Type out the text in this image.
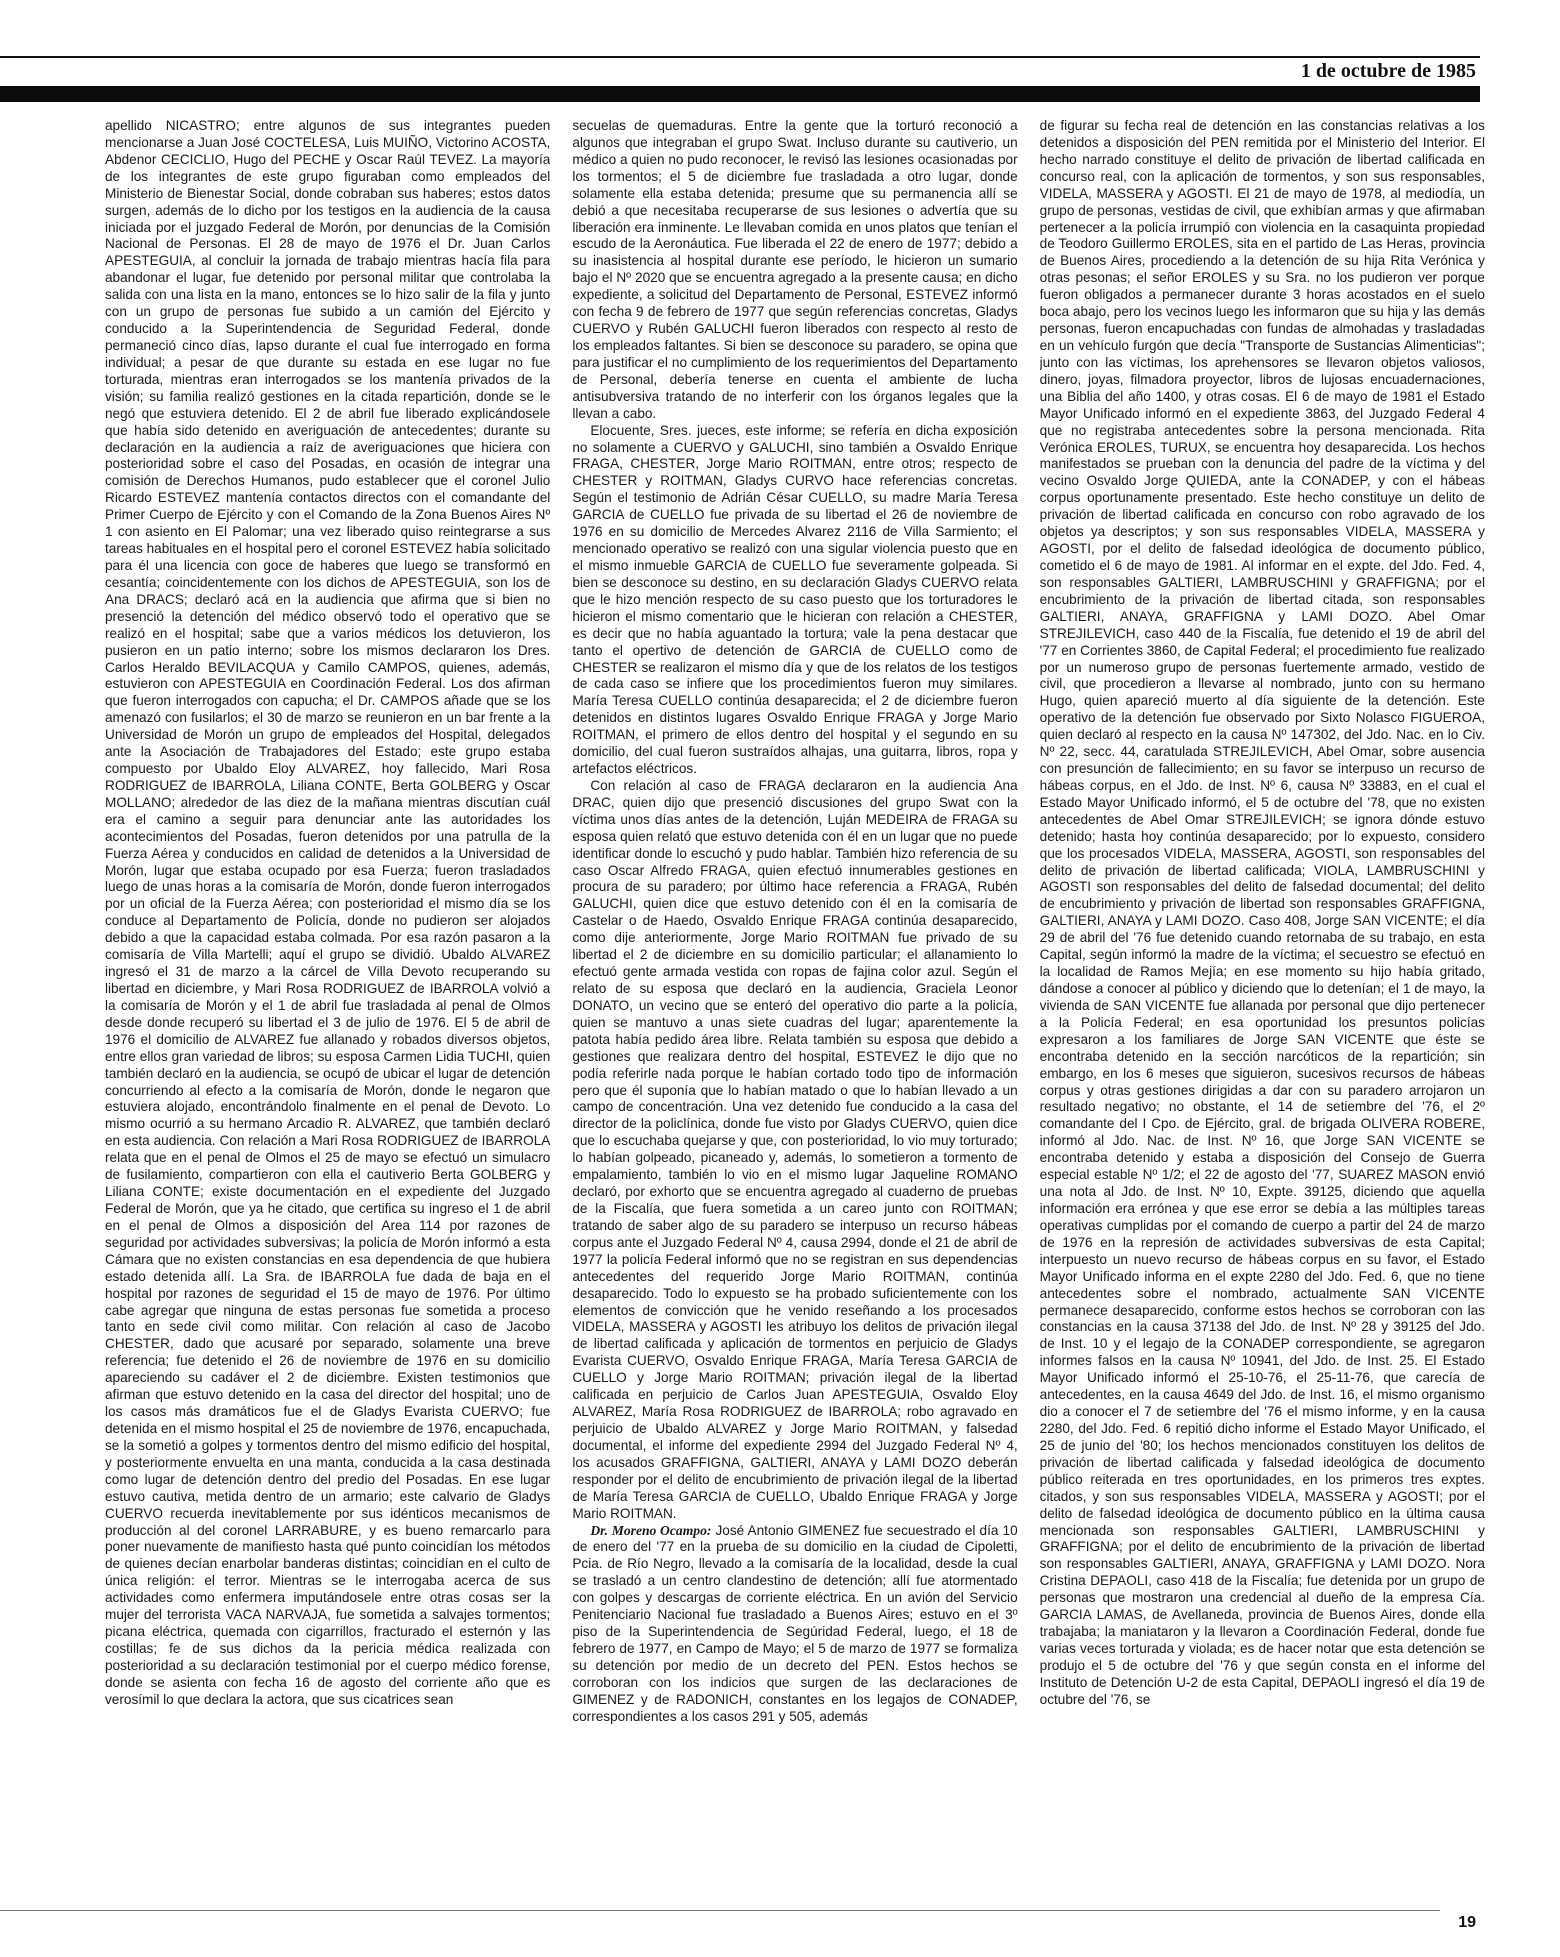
1 de octubre de 1985

apellido NICASTRO; entre algunos de sus integrantes pueden mencionarse a Juan José COCTELESA, Luis MUIÑO, Victorino ACOSTA, Abdenor CECICLIO, Hugo del PECHE y Oscar Raúl TEVEZ. La mayoría de los integrantes de este grupo figuraban como empleados del Ministerio de Bienestar Social, donde cobraban sus haberes; estos datos surgen, además de lo dicho por los testigos en la audiencia de la causa iniciada por el juzgado Federal de Morón, por denuncias de la Comisión Nacional de Personas. El 28 de mayo de 1976 el Dr. Juan Carlos APESTEGUIA, al concluir la jornada de trabajo mientras hacía fila para abandonar el lugar, fue detenido por personal militar que controlaba la salida con una lista en la mano, entonces se lo hizo salir de la fila y junto con un grupo de personas fue subido a un camión del Ejército y conducido a la Superintendencia de Seguridad Federal, donde permaneció cinco días, lapso durante el cual fue interrogado en forma individual; a pesar de que durante su estada en ese lugar no fue torturada, mientras eran interrogados se los mantenía privados de la visión; su familia realizó gestiones en la citada repartición, donde se le negó que estuviera detenido. El 2 de abril fue liberado explicándosele que había sido detenido en averiguación de antecedentes; durante su declaración en la audiencia a raíz de averiguaciones que hiciera con posterioridad sobre el caso del Posadas, en ocasión de integrar una comisión de Derechos Humanos, pudo establecer que el coronel Julio Ricardo ESTEVEZ mantenía contactos directos con el comandante del Primer Cuerpo de Ejército y con el Comando de la Zona Buenos Aires Nº 1 con asiento en El Palomar; una vez liberado quiso reintegrarse a sus tareas habituales en el hospital pero el coronel ESTEVEZ había solicitado para él una licencia con goce de haberes que luego se transformó en cesantía; coincidentemente con los dichos de APESTEGUIA, son los de Ana DRACS; declaró acá en la audiencia que afirma que si bien no presenció la detención del médico observó todo el operativo que se realizó en el hospital; sabe que a varios médicos los detuvieron, los pusieron en un patio interno; sobre los mismos declararon los Dres. Carlos Heraldo BEVILACQUA y Camilo CAMPOS, quienes, además, estuvieron con APESTEGUIA en Coordinación Federal. Los dos afirman que fueron interrogados con capucha; el Dr. CAMPOS añade que se los amenazó con fusilarlos; el 30 de marzo se reunieron en un bar frente a la Universidad de Morón un grupo de empleados del Hospital, delegados ante la Asociación de Trabajadores del Estado; este grupo estaba compuesto por Ubaldo Eloy ALVAREZ, hoy fallecido, Mari Rosa RODRIGUEZ de IBARROLA, Liliana CONTE, Berta GOLBERG y Oscar MOLLANO; alrededor de las diez de la mañana mientras discutían cuál era el camino a seguir para denunciar ante las autoridades los acontecimientos del Posadas, fueron detenidos por una patrulla de la Fuerza Aérea y conducidos en calidad de detenidos a la Universidad de Morón, lugar que estaba ocupado por esa Fuerza; fueron trasladados luego de unas horas a la comisaría de Morón, donde fueron interrogados por un oficial de la Fuerza Aérea; con posterioridad el mismo día se los conduce al Departamento de Policía, donde no pudieron ser alojados debido a que la capacidad estaba colmada. Por esa razón pasaron a la comisaría de Villa Martelli; aquí el grupo se dividió. Ubaldo ALVAREZ ingresó el 31 de marzo a la cárcel de Villa Devoto recuperando su libertad en diciembre, y Mari Rosa RODRIGUEZ de IBARROLA volvió a la comisaría de Morón y el 1 de abril fue trasladada al penal de Olmos desde donde recuperó su libertad el 3 de julio de 1976. El 5 de abril de 1976 el domicilio de ALVAREZ fue allanado y robados diversos objetos, entre ellos gran variedad de libros; su esposa Carmen Lidia TUCHI, quien también declaró en la audiencia, se ocupó de ubicar el lugar de detención concurriendo al efecto a la comisaría de Morón, donde le negaron que estuviera alojado, encontrándolo finalmente en el penal de Devoto. Lo mismo ocurrió a su hermano Arcadio R. ALVAREZ, que también declaró en esta audiencia. Con relación a Mari Rosa RODRIGUEZ de IBARROLA relata que en el penal de Olmos el 25 de mayo se efectuó un simulacro de fusilamiento, compartieron con ella el cautiverio Berta GOLBERG y Liliana CONTE; existe documentación en el expediente del Juzgado Federal de Morón, que ya he citado, que certifica su ingreso el 1 de abril en el penal de Olmos a disposición del Area 114 por razones de seguridad por actividades subversivas; la policía de Morón informó a esta Cámara que no existen constancias en esa dependencia de que hubiera estado detenida allí. La Sra. de IBARROLA fue dada de baja en el hospital por razones de seguridad el 15 de mayo de 1976. Por último cabe agregar que ninguna de estas personas fue sometida a proceso tanto en sede civil como militar. Con relación al caso de Jacobo CHESTER, dado que acusaré por separado, solamente una breve referencia; fue detenido el 26 de noviembre de 1976 en su domicilio apareciendo su cadáver el 2 de diciembre. Existen testimonios que afirman que estuvo detenido en la casa del director del hospital; uno de los casos más dramáticos fue el de Gladys Evarista CUERVO; fue detenida en el mismo hospital el 25 de noviembre de 1976, encapuchada, se la sometió a golpes y tormentos dentro del mismo edificio del hospital, y posteriormente envuelta en una manta, conducida a la casa destinada como lugar de detención dentro del predio del Posadas. En ese lugar estuvo cautiva, metida dentro de un armario; este calvario de Gladys CUERVO recuerda inevitablemente por sus idénticos mecanismos de producción al del coronel LARRABURE, y es bueno remarcarlo para poner nuevamente de manifiesto hasta qué punto coincidían los métodos de quienes decían enarbolar banderas distintas; coincidían en el culto de única religión: el terror. Mientras se le interrogaba acerca de sus actividades como enfermera imputándosele entre otras cosas ser la mujer del terrorista VACA NARVAJA, fue sometida a salvajes tormentos; picana eléctrica, quemada con cigarrillos, fracturado el esternón y las costillas; fe de sus dichos da la pericia médica realizada con posterioridad a su declaración testimonial por el cuerpo médico forense, donde se asienta con fecha 16 de agosto del corriente año que es verosímil lo que declara la actora, que sus cicatrices sean

secuelas de quemaduras. Entre la gente que la torturó reconoció a algunos que integraban el grupo Swat. Incluso durante su cautiverio, un médico a quien no pudo reconocer, le revisó las lesiones ocasionadas por los tormentos; el 5 de diciembre fue trasladada a otro lugar, donde solamente ella estaba detenida; presume que su permanencia allí se debió a que necesitaba recuperarse de sus lesiones o advertía que su liberación era inminente. Le llevaban comida en unos platos que tenían el escudo de la Aeronáutica. Fue liberada el 22 de enero de 1977; debido a su inasistencia al hospital durante ese período, le hicieron un sumario bajo el Nº 2020 que se encuentra agregado a la presente causa; en dicho expediente, a solicitud del Departamento de Personal, ESTEVEZ informó con fecha 9 de febrero de 1977 que según referencias concretas, Gladys CUERVO y Rubén GALUCHI fueron liberados con respecto al resto de los empleados faltantes. Si bien se desconoce su paradero, se opina que para justificar el no cumplimiento de los requerimientos del Departamento de Personal, debería tenerse en cuenta el ambiente de lucha antisubversiva tratando de no interferir con los órganos legales que la llevan a cabo.

Elocuente, Sres. jueces, este informe; se refería en dicha exposición no solamente a CUERVO y GALUCHI, sino también a Osvaldo Enrique FRAGA, CHESTER, Jorge Mario ROITMAN, entre otros; respecto de CHESTER y ROITMAN, Gladys CURVO hace referencias concretas. Según el testimonio de Adrián César CUELLO, su madre María Teresa GARCIA de CUELLO fue privada de su libertad el 26 de noviembre de 1976 en su domicilio de Mercedes Alvarez 2116 de Villa Sarmiento; el mencionado operativo se realizó con una sigular violencia puesto que en el mismo inmueble GARCIA de CUELLO fue severamente golpeada. Si bien se desconoce su destino, en su declaración Gladys CUERVO relata que le hizo mención respecto de su caso puesto que los torturadores le hicieron el mismo comentario que le hicieran con relación a CHESTER, es decir que no había aguantado la tortura; vale la pena destacar que tanto el opertivo de detención de GARCIA de CUELLO como de CHESTER se realizaron el mismo día y que de los relatos de los testigos de cada caso se infiere que los procedimientos fueron muy similares. María Teresa CUELLO continúa desaparecida; el 2 de diciembre fueron detenidos en distintos lugares Osvaldo Enrique FRAGA y Jorge Mario ROITMAN, el primero de ellos dentro del hospital y el segundo en su domicilio, del cual fueron sustraídos alhajas, una guitarra, libros, ropa y artefactos eléctricos.

Con relación al caso de FRAGA declararon en la audiencia Ana DRAC, quien dijo que presenció discusiones del grupo Swat con la víctima unos días antes de la detención, Luján MEDEIRA de FRAGA su esposa quien relató que estuvo detenida con él en un lugar que no puede identificar donde lo escuchó y pudo hablar. También hizo referencia de su caso Oscar Alfredo FRAGA, quien efectuó innumerables gestiones en procura de su paradero; por último hace referencia a FRAGA, Rubén GALUCHI, quien dice que estuvo detenido con él en la comisaría de Castelar o de Haedo, Osvaldo Enrique FRAGA continúa desaparecido, como dije anteriormente, Jorge Mario ROITMAN fue privado de su libertad el 2 de diciembre en su domicilio particular; el allanamiento lo efectuó gente armada vestida con ropas de fajina color azul. Según el relato de su esposa que declaró en la audiencia, Graciela Leonor DONATO, un vecino que se enteró del operativo dio parte a la policía, quien se mantuvo a unas siete cuadras del lugar; aparentemente la patota había pedido área libre. Relata también su esposa que debido a gestiones que realizara dentro del hospital, ESTEVEZ le dijo que no podía referirle nada porque le habían cortado todo tipo de información pero que él suponía que lo habían matado o que lo habían llevado a un campo de concentración. Una vez detenido fue conducido a la casa del director de la policlínica, donde fue visto por Gladys CUERVO, quien dice que lo escuchaba quejarse y que, con posterioridad, lo vio muy torturado; lo habían golpeado, picaneado y, además, lo sometieron a tormento de empalamiento, también lo vio en el mismo lugar Jaqueline ROMANO declaró, por exhorto que se encuentra agregado al cuaderno de pruebas de la Fiscalía, que fuera sometida a un careo junto con ROITMAN; tratando de saber algo de su paradero se interpuso un recurso hábeas corpus ante el Juzgado Federal Nº 4, causa 2994, donde el 21 de abril de 1977 la policía Federal informó que no se registran en sus dependencias antecedentes del requerido Jorge Mario ROITMAN, continúa desaparecido. Todo lo expuesto se ha probado suficientemente con los elementos de convicción que he venido reseñando a los procesados VIDELA, MASSERA y AGOSTI les atribuyo los delitos de privación ilegal de libertad calificada y aplicación de tormentos en perjuicio de Gladys Evarista CUERVO, Osvaldo Enrique FRAGA, María Teresa GARCIA de CUELLO y Jorge Mario ROITMAN; privación ilegal de la libertad calificada en perjuicio de Carlos Juan APESTEGUIA, Osvaldo Eloy ALVAREZ, María Rosa RODRIGUEZ de IBARROLA; robo agravado en perjuicio de Ubaldo ALVAREZ y Jorge Mario ROITMAN, y falsedad documental, el informe del expediente 2994 del Juzgado Federal Nº 4, los acusados GRAFFIGNA, GALTIERI, ANAYA y LAMI DOZO deberán responder por el delito de encubrimiento de privación ilegal de la libertad de María Teresa GARCIA de CUELLO, Ubaldo Enrique FRAGA y Jorge Mario ROITMAN.

Dr. Moreno Ocampo: José Antonio GIMENEZ fue secuestrado el día 10 de enero del '77 en la prueba de su domicilio en la ciudad de Cipoletti, Pcia. de Río Negro, llevado a la comisaría de la localidad, desde la cual se trasladó a un centro clandestino de detención; allí fue atormentado con golpes y descargas de corriente eléctrica. En un avión del Servicio Penitenciario Nacional fue trasladado a Buenos Aires; estuvo en el 3º piso de la Superintendencia de Segúridad Federal, luego, el 18 de febrero de 1977, en Campo de Mayo; el 5 de marzo de 1977 se formaliza su detención por medio de un decreto del PEN. Estos hechos se corroboran con los indicios que surgen de las declaraciones de GIMENEZ y de RADONICH, constantes en los legajos de CONADEP, correspondientes a los casos 291 y 505, además

de figurar su fecha real de detención en las constancias relativas a los detenidos a disposición del PEN remitida por el Ministerio del Interior. El hecho narrado constituye el delito de privación de libertad calificada en concurso real, con la aplicación de tormentos, y son sus responsables, VIDELA, MASSERA y AGOSTI. El 21 de mayo de 1978, al mediodía, un grupo de personas, vestidas de civil, que exhibían armas y que afirmaban pertenecer a la policía irrumpió con violencia en la casaquinta propiedad de Teodoro Guillermo EROLES, sita en el partido de Las Heras, provincia de Buenos Aires, procediendo a la detención de su hija Rita Verónica y otras pesonas; el señor EROLES y su Sra. no los pudieron ver porque fueron obligados a permanecer durante 3 horas acostados en el suelo boca abajo, pero los vecinos luego les informaron que su hija y las demás personas, fueron encapuchadas con fundas de almohadas y trasladadas en un vehículo furgón que decía "Transporte de Sustancias Alimenticias"; junto con las víctimas, los aprehensores se llevaron objetos valiosos, dinero, joyas, filmadora proyector, libros de lujosas encuadernaciones, una Biblia del año 1400, y otras cosas. El 6 de mayo de 1981 el Estado Mayor Unificado informó en el expediente 3863, del Juzgado Federal 4 que no registraba antecedentes sobre la persona mencionada. Rita Verónica EROLES, TURUX, se encuentra hoy desaparecida. Los hechos manifestados se prueban con la denuncia del padre de la víctima y del vecino Osvaldo Jorge QUIEDA, ante la CONADEP, y con el hábeas corpus oportunamente presentado. Este hecho constituye un delito de privación de libertad calificada en concurso con robo agravado de los objetos ya descriptos; y son sus responsables VIDELA, MASSERA y AGOSTI, por el delito de falsedad ideológica de documento público, cometido el 6 de mayo de 1981. Al informar en el expte. del Jdo. Fed. 4, son responsables GALTIERI, LAMBRUSCHINI y GRAFFIGNA; por el encubrimiento de la privación de libertad citada, son responsables GALTIERI, ANAYA, GRAFFIGNA y LAMI DOZO. Abel Omar STREJILEVICH, caso 440 de la Fiscalía, fue detenido el 19 de abril del '77 en Corrientes 3860, de Capital Federal; el procedimiento fue realizado por un numeroso grupo de personas fuertemente armado, vestido de civil, que procedieron a llevarse al nombrado, junto con su hermano Hugo, quien apareció muerto al día siguiente de la detención. Este operativo de la detención fue observado por Sixto Nolasco FIGUEROA, quien declaró al respecto en la causa Nº 147302, del Jdo. Nac. en lo Civ. Nº 22, secc. 44, caratulada STREJILEVICH, Abel Omar, sobre ausencia con presunción de fallecimiento; en su favor se interpuso un recurso de hábeas corpus, en el Jdo. de Inst. Nº 6, causa Nº 33883, en el cual el Estado Mayor Unificado informó, el 5 de octubre del '78, que no existen antecedentes de Abel Omar STREJILEVICH; se ignora dónde estuvo detenido; hasta hoy continúa desaparecido; por lo expuesto, considero que los procesados VIDELA, MASSERA, AGOSTI, son responsables del delito de privación de libertad calificada; VIOLA, LAMBRUSCHINI y AGOSTI son responsables del delito de falsedad documental; del delito de encubrimiento y privación de libertad son responsables GRAFFIGNA, GALTIERI, ANAYA y LAMI DOZO. Caso 408, Jorge SAN VICENTE; el día 29 de abril del '76 fue detenido cuando retornaba de su trabajo, en esta Capital, según informó la madre de la víctima; el secuestro se efectuó en la localidad de Ramos Mejía; en ese momento su hijo había gritado, dándose a conocer al público y diciendo que lo detenían; el 1 de mayo, la vivienda de SAN VICENTE fue allanada por personal que dijo pertenecer a la Policía Federal; en esa oportunidad los presuntos policías expresaron a los familiares de Jorge SAN VICENTE que éste se encontraba detenido en la sección narcóticos de la repartición; sin embargo, en los 6 meses que siguieron, sucesivos recursos de hábeas corpus y otras gestiones dirigidas a dar con su paradero arrojaron un resultado negativo; no obstante, el 14 de setiembre del '76, el 2º comandante del I Cpo. de Ejército, gral. de brigada OLIVERA ROBERE, informó al Jdo. Nac. de Inst. Nº 16, que Jorge SAN VICENTE se encontraba detenido y estaba a disposición del Consejo de Guerra especial estable Nº 1/2; el 22 de agosto del '77, SUAREZ MASON envió una nota al Jdo. de Inst. Nº 10, Expte. 39125, diciendo que aquella información era errónea y que ese error se debía a las múltiples tareas operativas cumplidas por el comando de cuerpo a partir del 24 de marzo de 1976 en la represión de actividades subversivas de esta Capital; interpuesto un nuevo recurso de hábeas corpus en su favor, el Estado Mayor Unificado informa en el expte 2280 del Jdo. Fed. 6, que no tiene antecedentes sobre el nombrado, actualmente SAN VICENTE permanece desaparecido, conforme estos hechos se corroboran con las constancias en la causa 37138 del Jdo. de Inst. Nº 28 y 39125 del Jdo. de Inst. 10 y el legajo de la CONADEP correspondiente, se agregaron informes falsos en la causa Nº 10941, del Jdo. de Inst. 25. El Estado Mayor Unificado informó el 25-10-76, el 25-11-76, que carecía de antecedentes, en la causa 4649 del Jdo. de Inst. 16, el mismo organismo dio a conocer el 7 de setiembre del '76 el mismo informe, y en la causa 2280, del Jdo. Fed. 6 repitió dicho informe el Estado Mayor Unificado, el 25 de junio del '80; los hechos mencionados constituyen los delitos de privación de libertad calificada y falsedad ideológica de documento público reiterada en tres oportunidades, en los primeros tres exptes. citados, y son sus responsables VIDELA, MASSERA y AGOSTI; por el delito de falsedad ideológica de documento público en la última causa mencionada son responsables GALTIERI, LAMBRUSCHINI y GRAFFIGNA; por el delito de encubrimiento de la privación de libertad son responsables GALTIERI, ANAYA, GRAFFIGNA y LAMI DOZO. Nora Cristina DEPAOLI, caso 418 de la Fiscalía; fue detenida por un grupo de personas que mostraron una credencial al dueño de la empresa Cía. GARCIA LAMAS, de Avellaneda, provincia de Buenos Aires, donde ella trabajaba; la maniataron y la llevaron a Coordinación Federal, donde fue varias veces torturada y violada; es de hacer notar que esta detención se produjo el 5 de octubre del '76 y que según consta en el informe del Instituto de Detención U-2 de esta Capital, DEPAOLI ingresó el día 19 de octubre del '76, se

19
